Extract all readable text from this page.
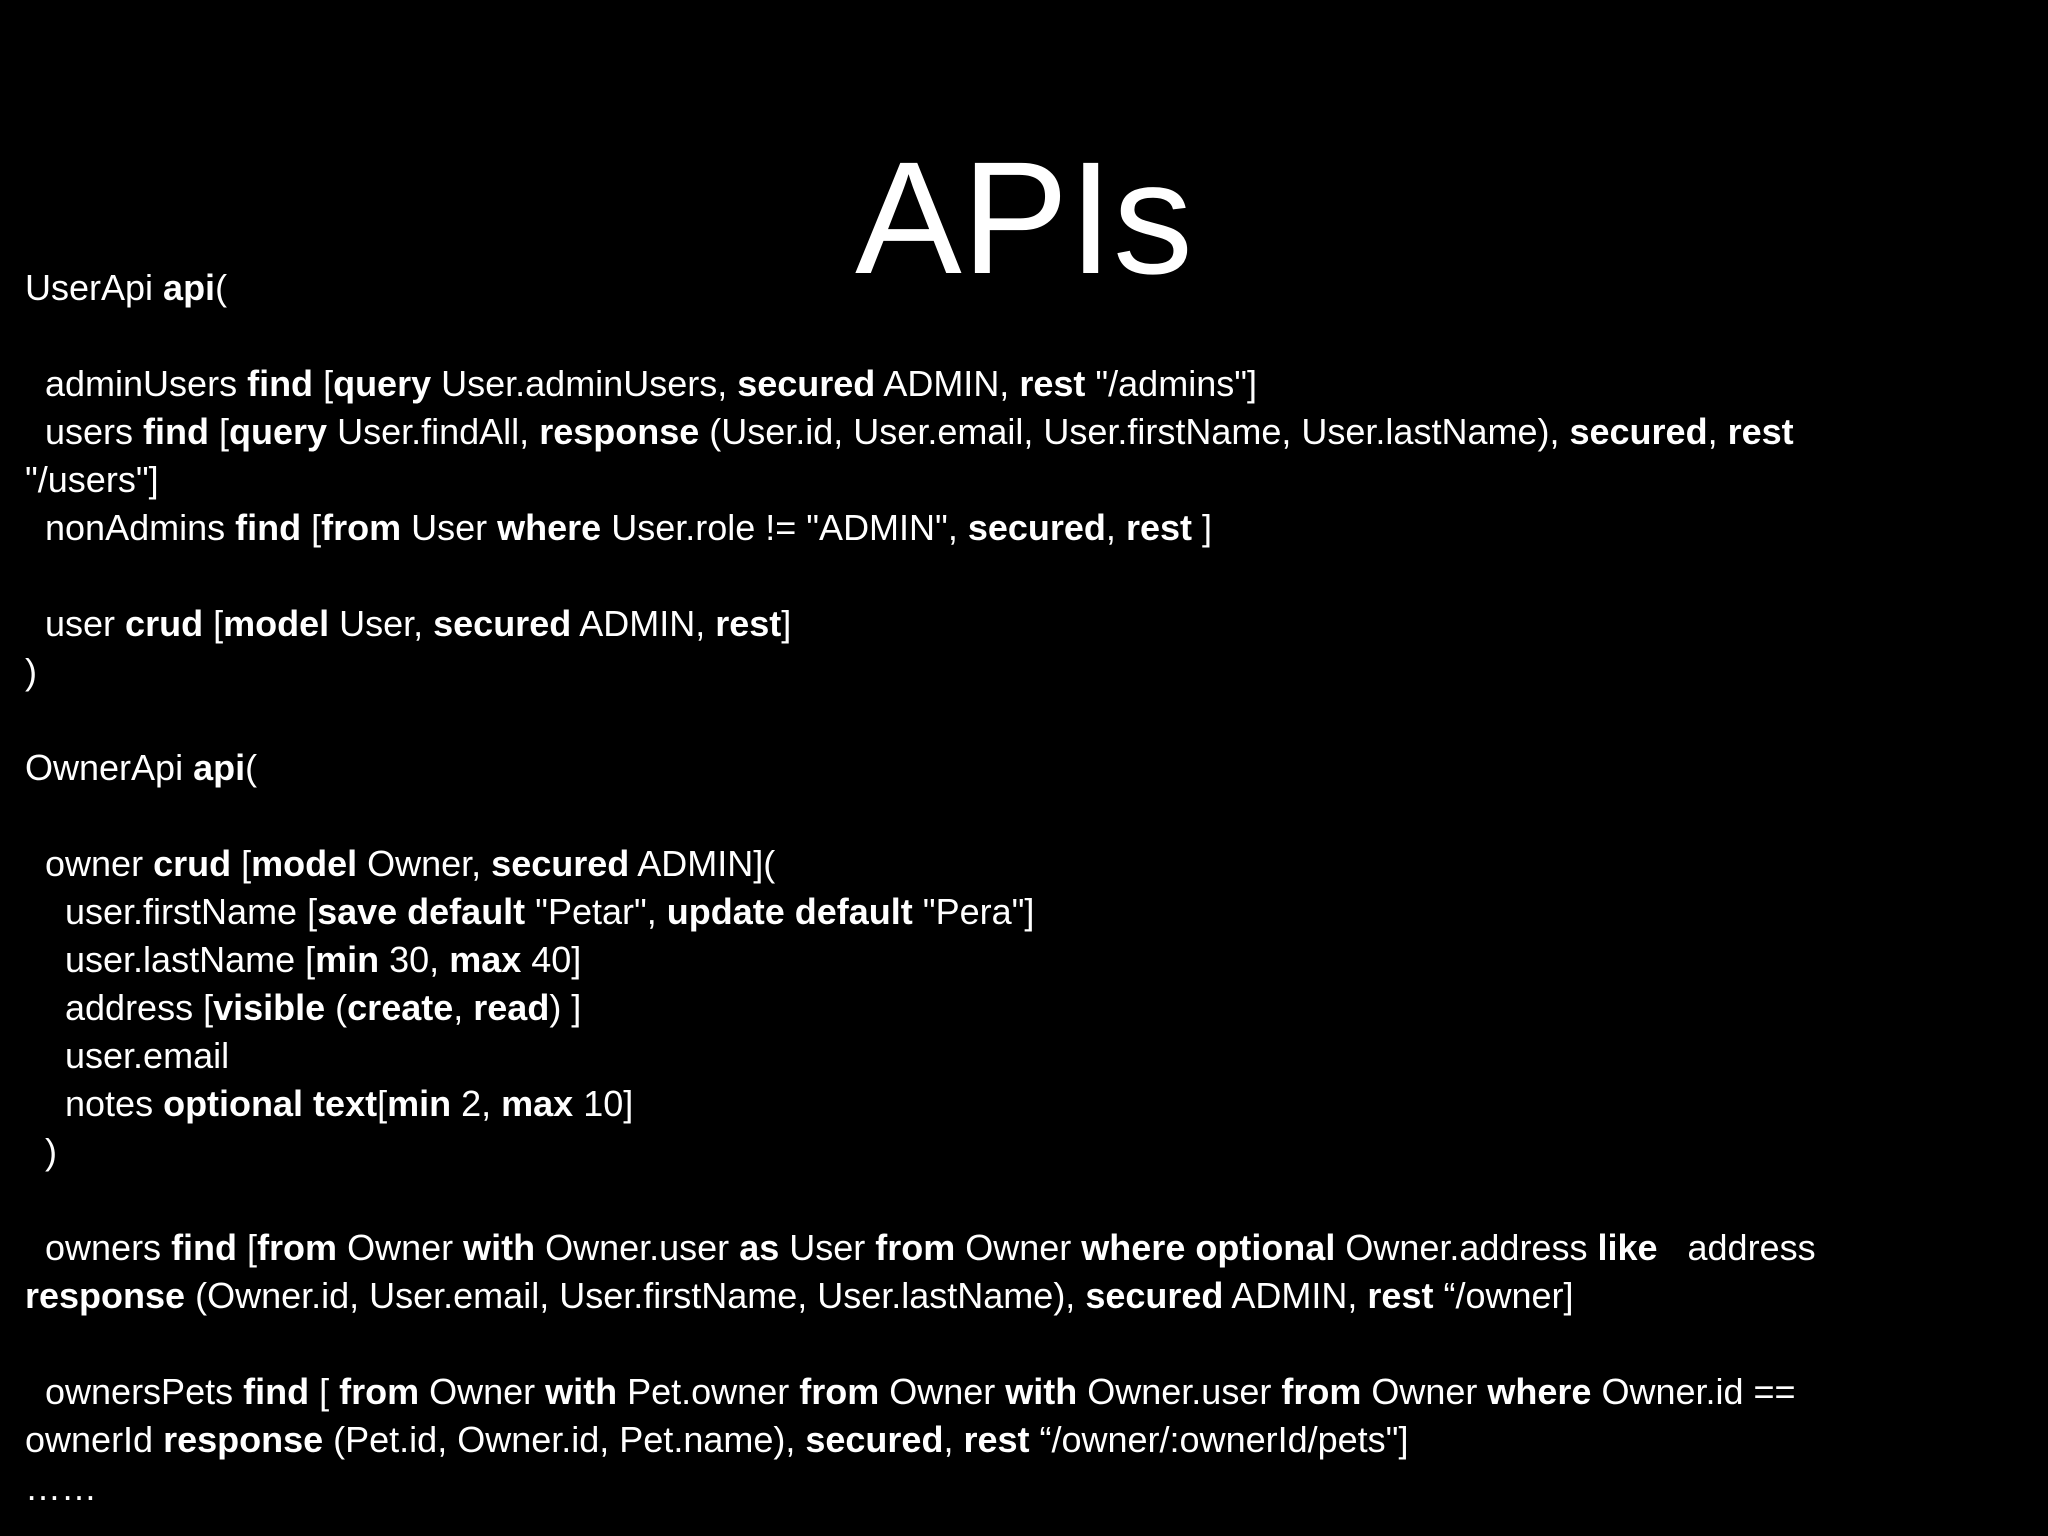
APIs
UserApi api(
adminUsers find [query User.adminUsers, secured ADMIN, rest "/admins"]
users find [query User.findAll, response (User.id, User.email, User.firstName, User.lastName), secured, rest
"/users"]
nonAdmins find [from User where User.role != "ADMIN", secured, rest ]
user crud [model User, secured ADMIN, rest]
)
OwnerApi api(
owner crud [model Owner, secured ADMIN](
user.firstName [save default "Petar", update default "Pera"]
user.lastName [min 30, max 40]
address [visible (create, read) ]
user.email
notes optional text[min 2, max 10]
)
owners find [from Owner with Owner.user as User from Owner where optional Owner.address like   address
response (Owner.id, User.email, User.firstName, User.lastName), secured ADMIN, rest “/owner]
ownersPets find [ from Owner with Pet.owner from Owner with Owner.user from Owner where Owner.id ==
ownerId response (Pet.id, Owner.id, Pet.name), secured, rest “/owner/:ownerId/pets"]
……
